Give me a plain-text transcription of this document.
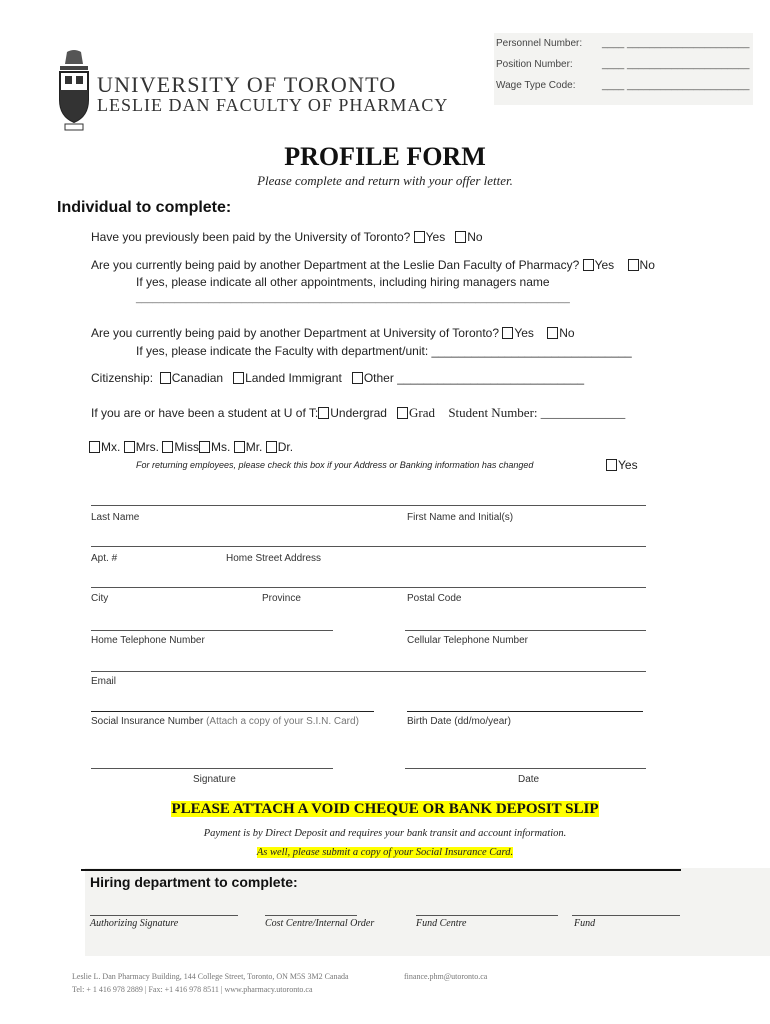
UNIVERSITY OF TORONTO
LESLIE DAN FACULTY OF PHARMACY
Personnel Number: ____ ______________________
Position Number:	____ ______________________
Wage Type Code:	____ ______________________
PROFILE FORM
Please complete and return with your offer letter.
Individual to complete:
Have you previously been paid by the University of Toronto? Yes No
Are you currently being paid by another Department at the Leslie Dan Faculty of Pharmacy? Yes No
If yes, please indicate all other appointments, including hiring managers name
______________________________________________________________________________
Are you currently being paid by another Department at University of Toronto? Yes No
If yes, please indicate the Faculty with department/unit: ______________________________
Citizenship: Canadian Landed Immigrant Other ____________________________
If you are or have been a student at U of T: Undergrad Grad Student Number: _____________
Mx. Mrs. Miss Ms. Mr. Dr.
For returning employees, please check this box if your Address or Banking information has changed	Yes
Last Name	First Name and Initial(s)
Apt. #	Home Street Address
City	Province	Postal Code
Home Telephone Number	Cellular Telephone Number
Email
Social Insurance Number (Attach a copy of your S.I.N. Card)	Birth Date (dd/mo/year)
Signature	Date
PLEASE ATTACH A VOID CHEQUE OR BANK DEPOSIT SLIP
Payment is by Direct Deposit and requires your bank transit and account information.
As well, please submit a copy of your Social Insurance Card.
Hiring department to complete:
Authorizing Signature	Cost Centre/Internal Order	Fund Centre	Fund
Leslie L. Dan Pharmacy Building, 144 College Street, Toronto, ON M5S 3M2 Canada	finance.phm@utoronto.ca
Tel: + 1 416 978 2889 | Fax: +1 416 978 8511 | www.pharmacy.utoronto.ca
